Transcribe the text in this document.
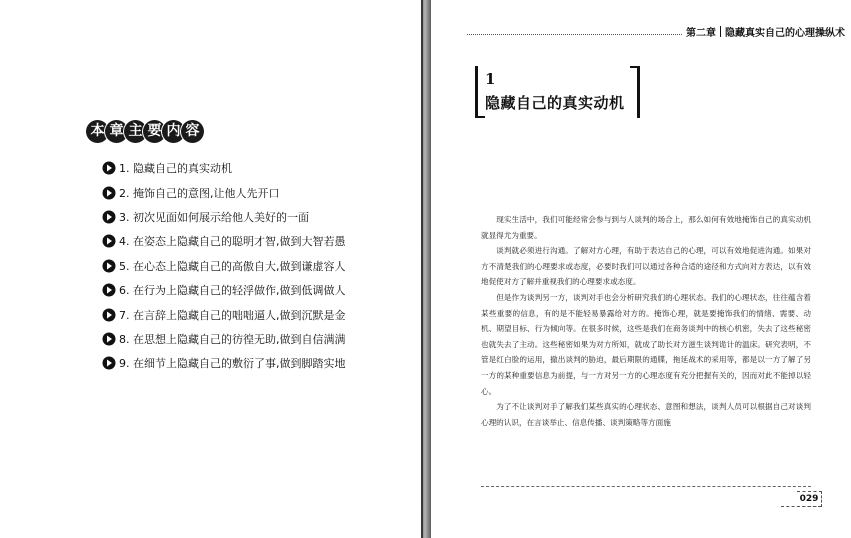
本 章 主 要 内 容
1. 隐藏自己的真实动机
2. 掩饰自己的意图,让他人先开口
3. 初次见面如何展示给他人美好的一面
4. 在姿态上隐藏自己的聪明才智,做到大智若愚
5. 在心态上隐藏自己的高傲自大,做到谦虚容人
6. 在行为上隐藏自己的轻浮做作,做到低调做人
7. 在言辞上隐藏自己的咄咄逼人,做到沉默是金
8. 在思想上隐藏自己的彷徨无助,做到自信满满
9. 在细节上隐藏自己的敷衍了事,做到脚踏实地
第二章 隐藏真实自己的心理操纵术
1
隐藏自己的真实动机

现实生活中，我们可能经常会参与到与人谈判的场合上，那么如何有效地掩饰自己的真实动机就显得尤为重要。

谈判就必须进行沟通。了解对方心理，有助于表达自己的心理，可以有效地促进沟通。如果对方不清楚我们的心理要求或态度，必要时我们可以通过各种合适的途径和方式向对方表达，以有效地促使对方了解并重视我们的心理要求或态度。

但是作为谈判另一方，谈判对手也会分析研究我们的心理状态。我们的心理状态，往往蕴含着某些重要的信息，有的是不能轻易暴露给对方的。掩饰心理，就是要掩饰我们的情绪、需要、动机、期望目标、行为倾向等。在很多时候，这些是我们在商务谈判中的核心机密，失去了这些秘密也就失去了主动。这些秘密如果为对方所知，就成了助长对方滋生谈判诡计的温床。研究表明，不管是红白脸的运用，撤出谈判的胁迫，最后期限的通牒，拖延战术的采用等，都是以一方了解了另一方的某种重要信息为前提，与一方对另一方的心理态度有充分把握有关的，因而对此不能掉以轻心。

为了不让谈判对手了解我们某些真实的心理状态、意图和想法，谈判人员可以根据自己对谈判心理的认识，在言谈举止、信息传播、谈判策略等方面施

029
